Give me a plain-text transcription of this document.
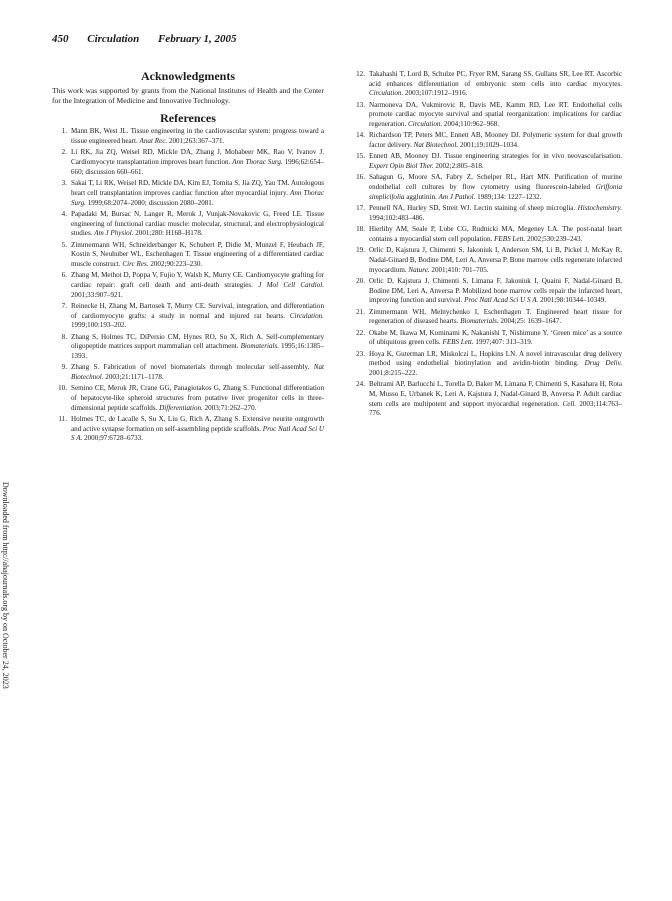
450 Circulation February 1, 2005
Downloaded from http://ahajournals.org by on October 24, 2023
Acknowledgments

This work was supported by grants from the National Institutes of Health and the Center for the Integration of Medicine and Innovative Technology.

References
1. Mann BK, West JL. Tissue engineering in the cardiovascular system: progress toward a tissue engineered heart. Anat Rec. 2001;263:367–371.
2. Li RK, Jia ZQ, Weisel RD, Mickle DA, Zhang J, Mohabeer MK, Rao V, Ivanov J. Cardiomyocyte transplantation improves heart function. Ann Thorac Surg. 1996;62:654–660; discussion 660–661.
3. Sakai T, Li RK, Weisel RD, Mickle DA, Kim EJ, Tomita S, Jia ZQ, Yau TM. Autologous heart cell transplantation improves cardiac function after myocardial injury. Ann Thorac Surg. 1999;68:2074–2080; discussion 2080–2081.
4. Papadaki M, Bursac N, Langer R, Merok J, Vunjak-Novakovic G, Freed LE. Tissue engineering of functional cardiac muscle: molecular, structural, and electrophysiological studies. Am J Physiol. 2001;280: H168–H178.
5. Zimmermann WH, Schneiderbanger K, Schubert P, Didie M, Munzel F, Heubach JF, Kostin S, Neuhuber WL, Eschenhagen T. Tissue engineering of a differentiated cardiac muscle construct. Circ Res. 2002;90:223–230.
6. Zhang M, Methot D, Poppa V, Fujio Y, Walsh K, Murry CE. Cardiomyocyte grafting for cardiac repair: graft cell death and anti-death strategies. J Mol Cell Cardiol. 2001;33:907–921.
7. Reinecke H, Zhang M, Bartosek T, Murry CE. Survival, integration, and differentiation of cardiomyocyte grafts: a study in normal and injured rat hearts. Circulation. 1999;100:193–202.
8. Zhang S, Holmes TC, DiPersio CM, Hynes RO, Su X, Rich A. Self-complementary oligopeptide matrices support mammalian cell attachment. Biomaterials. 1995;16:1385–1393.
9. Zhang S. Fabrication of novel biomaterials through molecular self-assembly. Nat Biotechnol. 2003;21:1171–1178.
10. Semino CE, Merok JR, Crane GG, Panagiotakos G, Zhang S. Functional differentiation of hepatocyte-like spheroid structures from putative liver progenitor cells in three-dimensional peptide scaffolds. Differentiation. 2003;71:262–270.
11. Holmes TC, de Lacalle S, Su X, Liu G, Rich A, Zhang S. Extensive neurite outgrowth and active synapse formation on self-assembling peptide scaffolds. Proc Natl Acad Sci U S A. 2000;97:6728–6733.
12. Takahashi T, Lord B, Schulze PC, Fryer RM, Sarang SS, Gullans SR, Lee RT. Ascorbic acid enhances differentiation of embryonic stem cells into cardiac myocytes. Circulation. 2003;107:1912–1916.
13. Narmoneva DA, Vukmirovic R, Davis ME, Kamm RD, Lee RT. Endothelial cells promote cardiac myocyte survival and spatial reorganization: implications for cardiac regeneration. Circulation. 2004;110:962–968.
14. Richardson TP, Peters MC, Ennett AB, Mooney DJ. Polymeric system for dual growth factor delivery. Nat Biotechnol. 2001;19:1029–1034.
15. Ennett AB, Mooney DJ. Tissue engineering strategies for in vivo neovascularisation. Expert Opin Biol Ther. 2002;2:805–818.
16. Sahagun G, Moore SA, Fabry Z, Schelper RL, Hart MN. Purification of murine endothelial cell cultures by flow cytometry using fluorescein-labeled Griffonia simplicifolia agglutinin. Am J Pathol. 1989;134: 1227–1232.
17. Pennell NA, Hurley SD, Streit WJ. Lectin staining of sheep microglia. Histochemistry. 1994;102:483–486.
18. Hierlihy AM, Seale P, Lobe CG, Rudnicki MA, Megeney LA. The post-natal heart contains a myocardial stem cell population. FEBS Lett. 2002;530:239–243.
19. Orlic D, Kajstura J, Chimenti S, Jakoniuk I, Anderson SM, Li B, Pickel J, McKay R, Nadal-Ginard B, Bodine DM, Leri A, Anversa P. Bone marrow cells regenerate infarcted myocardium. Nature. 2001;410: 701–705.
20. Orlic D, Kajstura J, Chimenti S, Limana F, Jakoniuk I, Quaini F, Nadal-Ginard B, Bodine DM, Leri A, Anversa P. Mobilized bone marrow cells repair the infarcted heart, improving function and survival. Proc Natl Acad Sci U S A. 2001;98:10344–10349.
21. Zimmermann WH, Melnychenko I, Eschenhagen T. Engineered heart tissue for regeneration of diseased hearts. Biomaterials. 2004;25: 1639–1647.
22. Okabe M, Ikawa M, Kominami K, Nakanishi T, Nishimune Y. ‘Green mice’ as a source of ubiquitous green cells. FEBS Lett. 1997;407: 313–319.
23. Hoya K, Guterman LR, Miskolczi L, Hopkins LN. A novel intravascular drug delivery method using endothelial biotinylation and avidin-biotin binding. Drug Deliv. 2001;8:215–222.
24. Beltrami AP, Barlucchi L, Torella D, Baker M, Limana F, Chimenti S, Kasahara H, Rota M, Musso E, Urbanek K, Leri A, Kajstura J, Nadal-Ginard B, Anversa P. Adult cardiac stem cells are multipotent and support myocardial regeneration. Cell. 2003;114:763–776.
